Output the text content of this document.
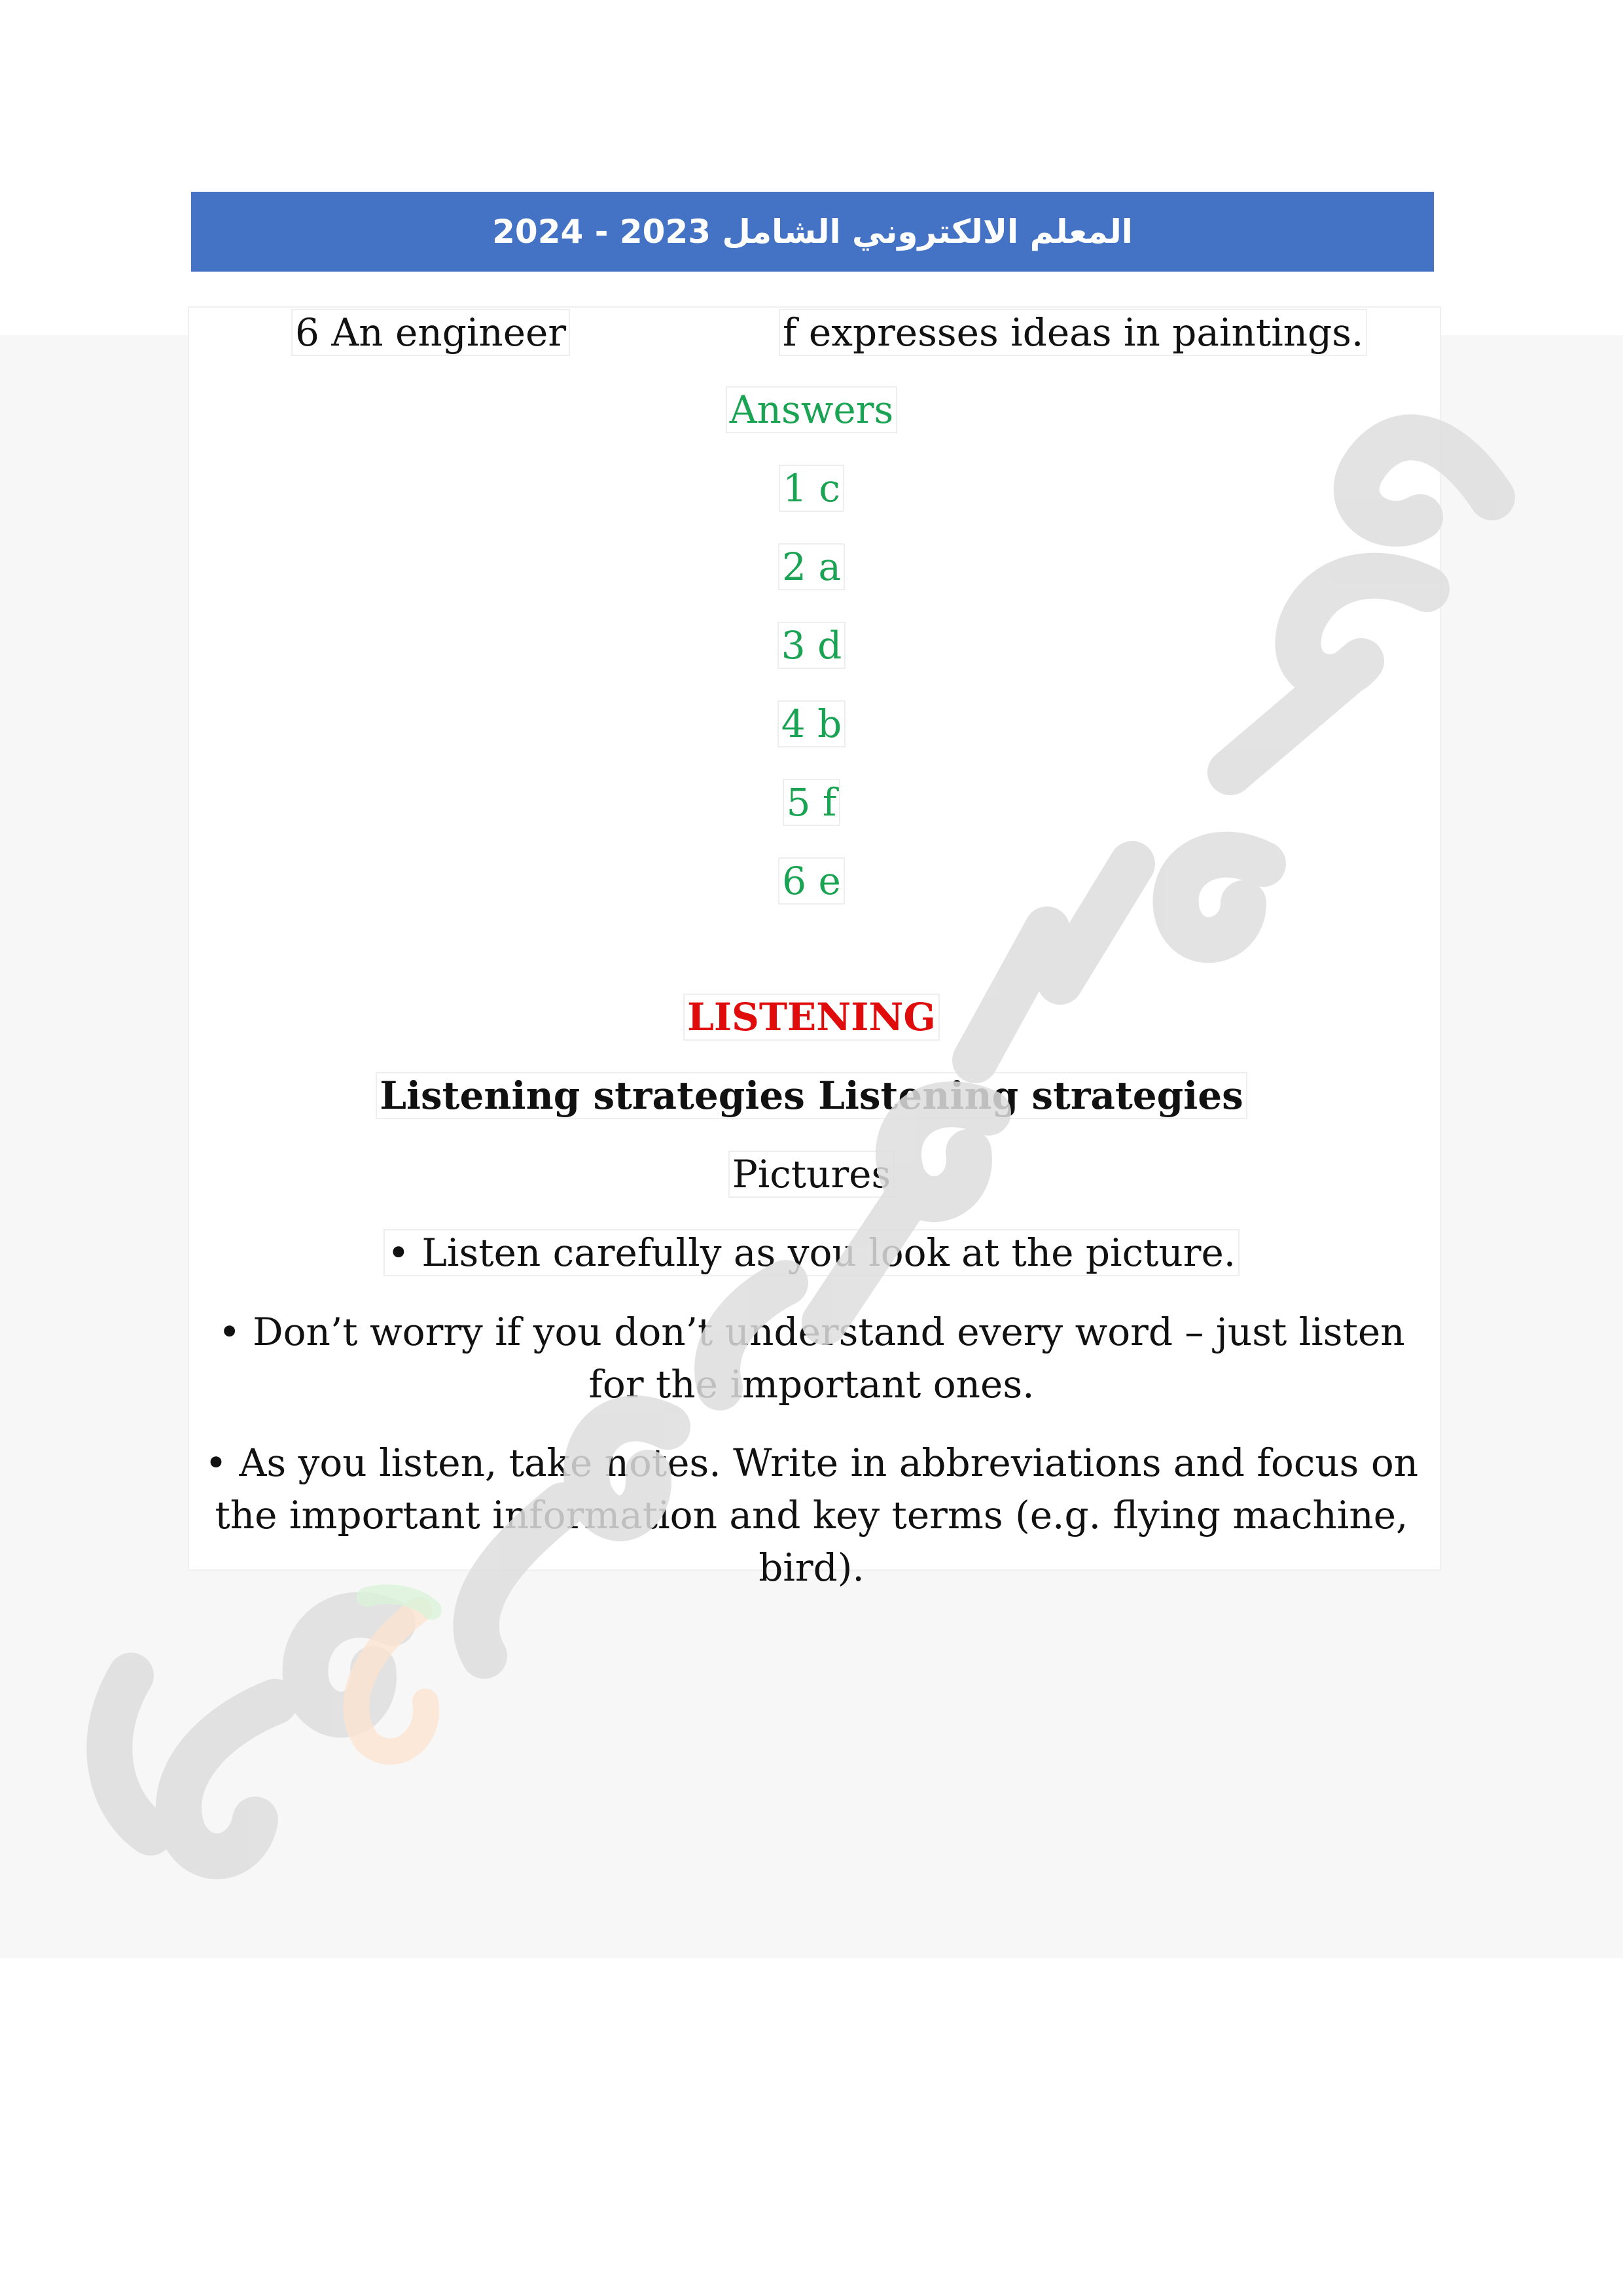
المعلم الالكتروني الشامل 2023 - 2024
6 An engineer	f expresses ideas in paintings.
Answers
1 c
2 a
3 d
4 b
5 f
6 e
LISTENING
Listening strategies Listening strategies
Pictures
• Listen carefully as you look at the picture.
• Don’t worry if you don’t understand every word – just listen for the important ones.
• As you listen, take notes. Write in abbreviations and focus on the important information and key terms (e.g. flying machine, bird).
